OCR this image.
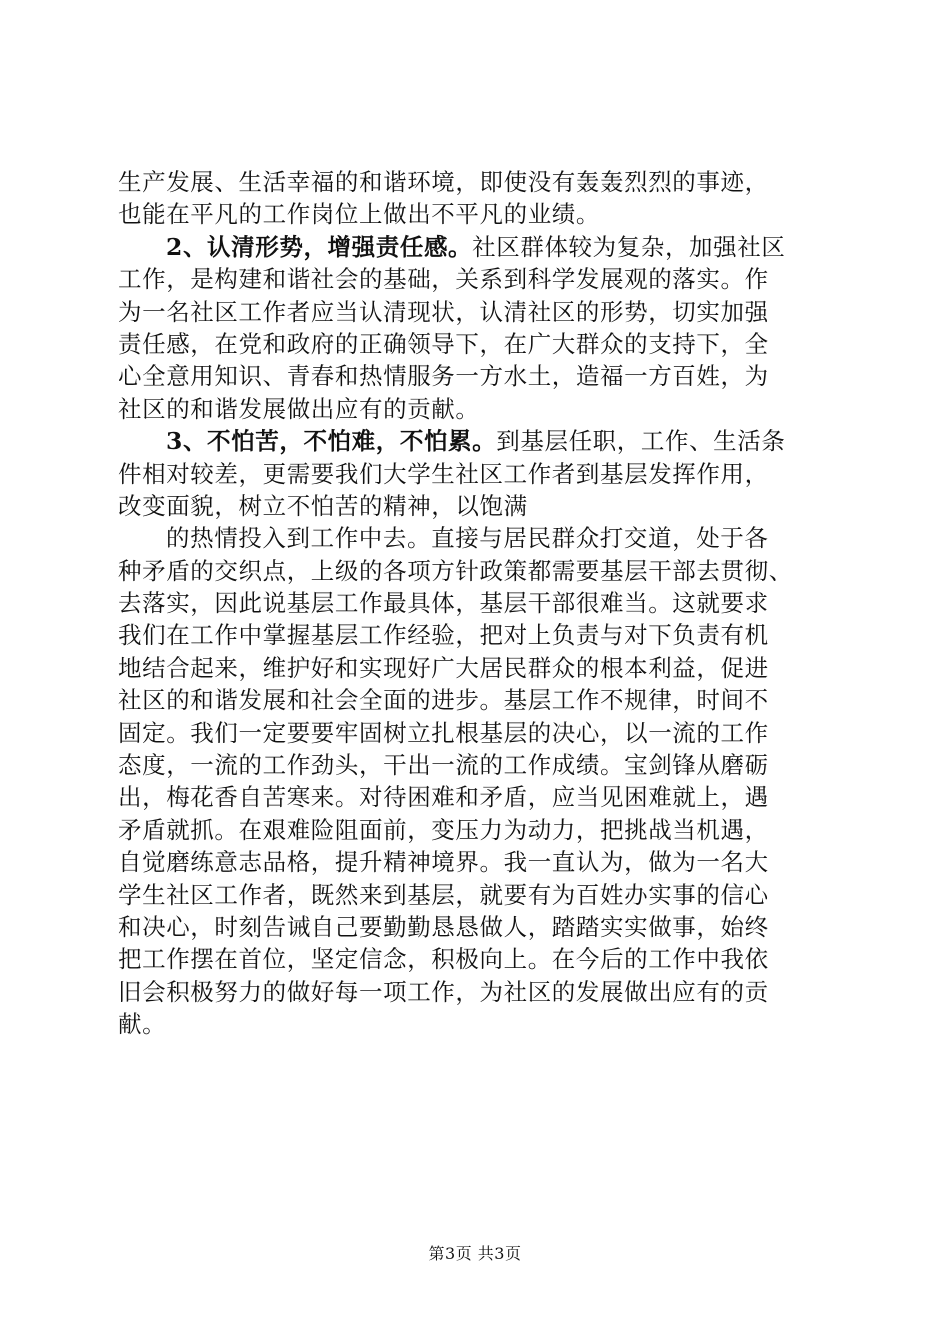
生产发展、生活幸福的和谐环境，即使没有轰轰烈烈的事迹，
也能在平凡的工作岗位上做出不平凡的业绩。
2、认清形势，增强责任感。社区群体较为复杂，加强社区
工作，是构建和谐社会的基础，关系到科学发展观的落实。作
为一名社区工作者应当认清现状，认清社区的形势，切实加强
责任感，在党和政府的正确领导下，在广大群众的支持下，全
心全意用知识、青春和热情服务一方水土，造福一方百姓，为
社区的和谐发展做出应有的贡献。
3、不怕苦，不怕难，不怕累。到基层任职，工作、生活条
件相对较差，更需要我们大学生社区工作者到基层发挥作用，
改变面貌，树立不怕苦的精神，以饱满
的热情投入到工作中去。直接与居民群众打交道，处于各
种矛盾的交织点，上级的各项方针政策都需要基层干部去贯彻、
去落实，因此说基层工作最具体，基层干部很难当。这就要求
我们在工作中掌握基层工作经验，把对上负责与对下负责有机
地结合起来，维护好和实现好广大居民群众的根本利益，促进
社区的和谐发展和社会全面的进步。基层工作不规律，时间不
固定。我们一定要要牢固树立扎根基层的决心，以一流的工作
态度，一流的工作劲头，干出一流的工作成绩。宝剑锋从磨砺
出，梅花香自苦寒来。对待困难和矛盾，应当见困难就上，遇
矛盾就抓。在艰难险阻面前，变压力为动力，把挑战当机遇，
自觉磨练意志品格，提升精神境界。我一直认为，做为一名大
学生社区工作者，既然来到基层，就要有为百姓办实事的信心
和决心，时刻告诫自己要勤勤恳恳做人，踏踏实实做事，始终
把工作摆在首位，坚定信念，积极向上。在今后的工作中我依
旧会积极努力的做好每一项工作，为社区的发展做出应有的贡
献。
第3页 共3页
